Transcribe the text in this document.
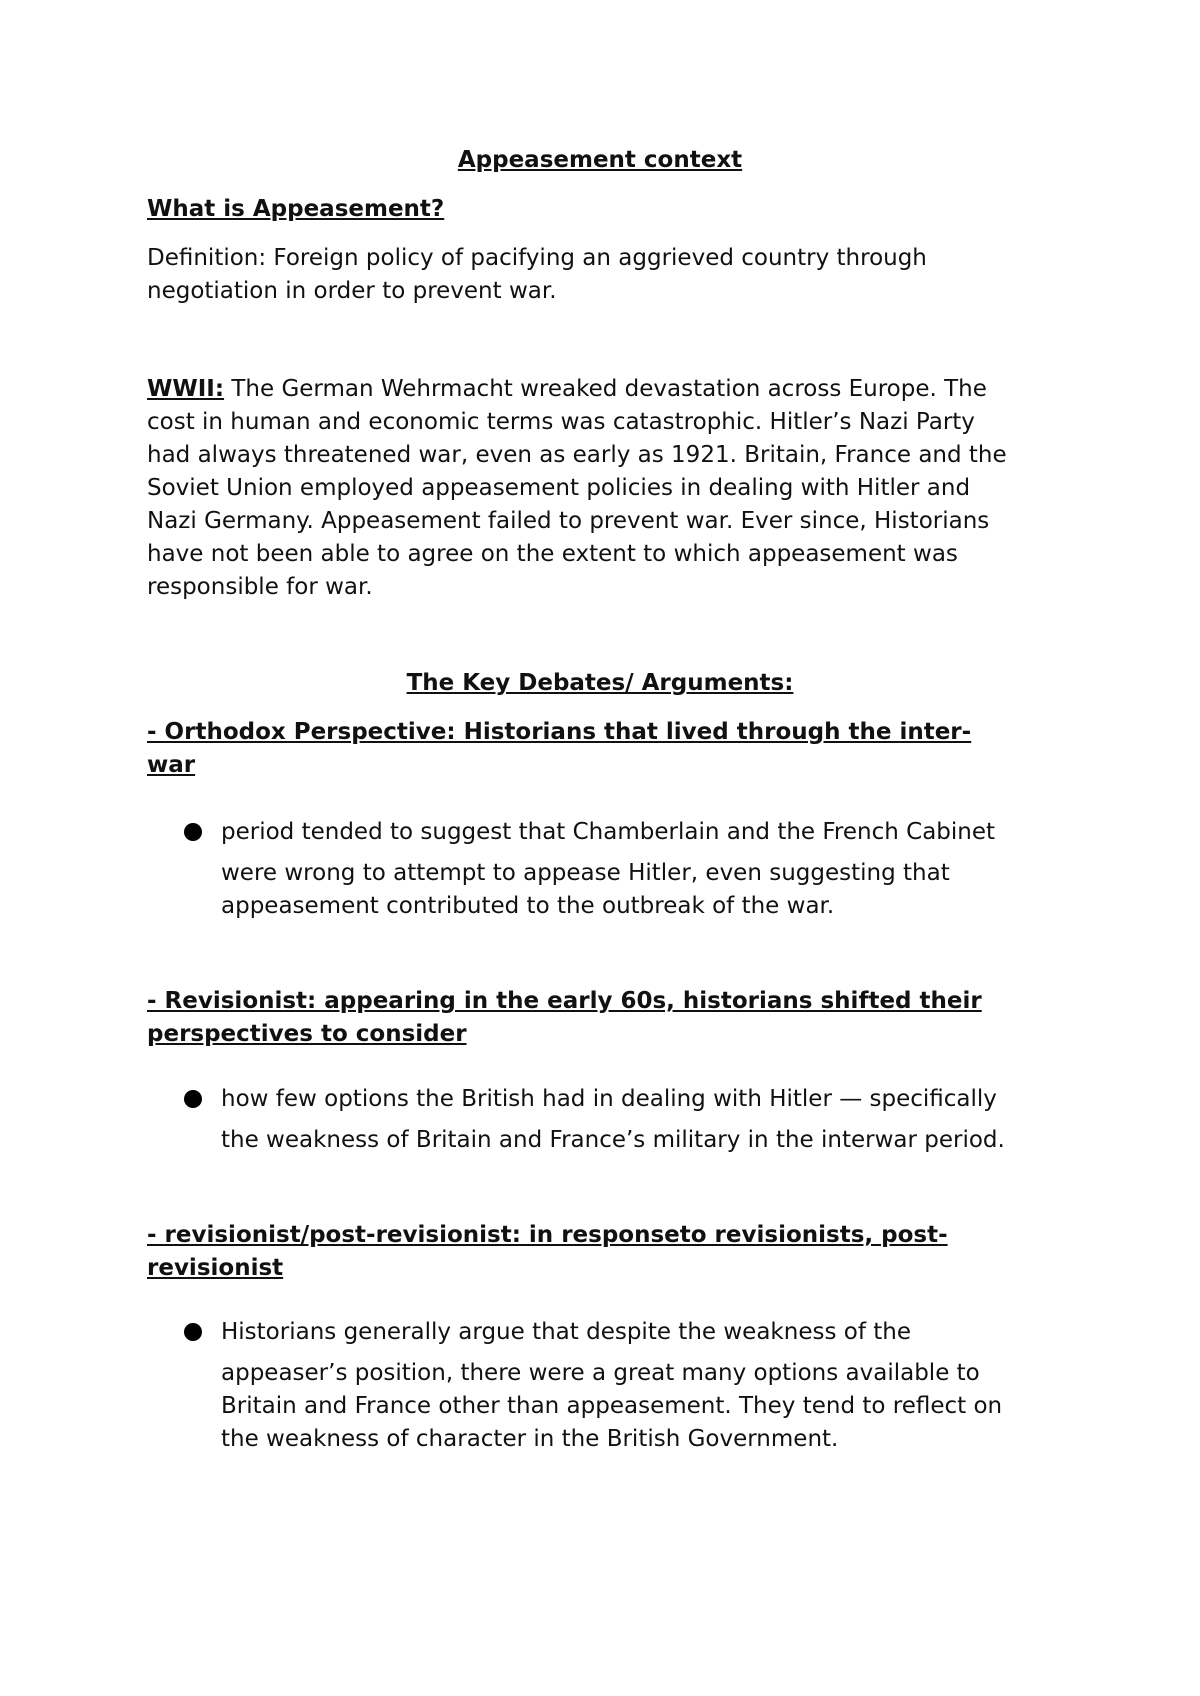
Appeasement context
What is Appeasement?
Definition: Foreign policy of pacifying an aggrieved country through
negotiation in order to prevent war.
WWII: The German Wehrmacht wreaked devastation across Europe. The
cost in human and economic terms was catastrophic. Hitler’s Nazi Party
had always threatened war, even as early as 1921. Britain, France and the
Soviet Union employed appeasement policies in dealing with Hitler and
Nazi Germany. Appeasement failed to prevent war. Ever since, Historians
have not been able to agree on the extent to which appeasement was
responsible for war.
The Key Debates/ Arguments:
- Orthodox Perspective: Historians that lived through the inter-
war
period tended to suggest that Chamberlain and the French Cabinet
were wrong to attempt to appease Hitler, even suggesting that
appeasement contributed to the outbreak of the war.
- Revisionist: appearing in the early 60s, historians shifted their
perspectives to consider
how few options the British had in dealing with Hitler — specifically
the weakness of Britain and France’s military in the interwar period.
- revisionist/post-revisionist: in responseto revisionists, post-
revisionist
Historians generally argue that despite the weakness of the
appeaser’s position, there were a great many options available to
Britain and France other than appeasement. They tend to reflect on
the weakness of character in the British Government.
